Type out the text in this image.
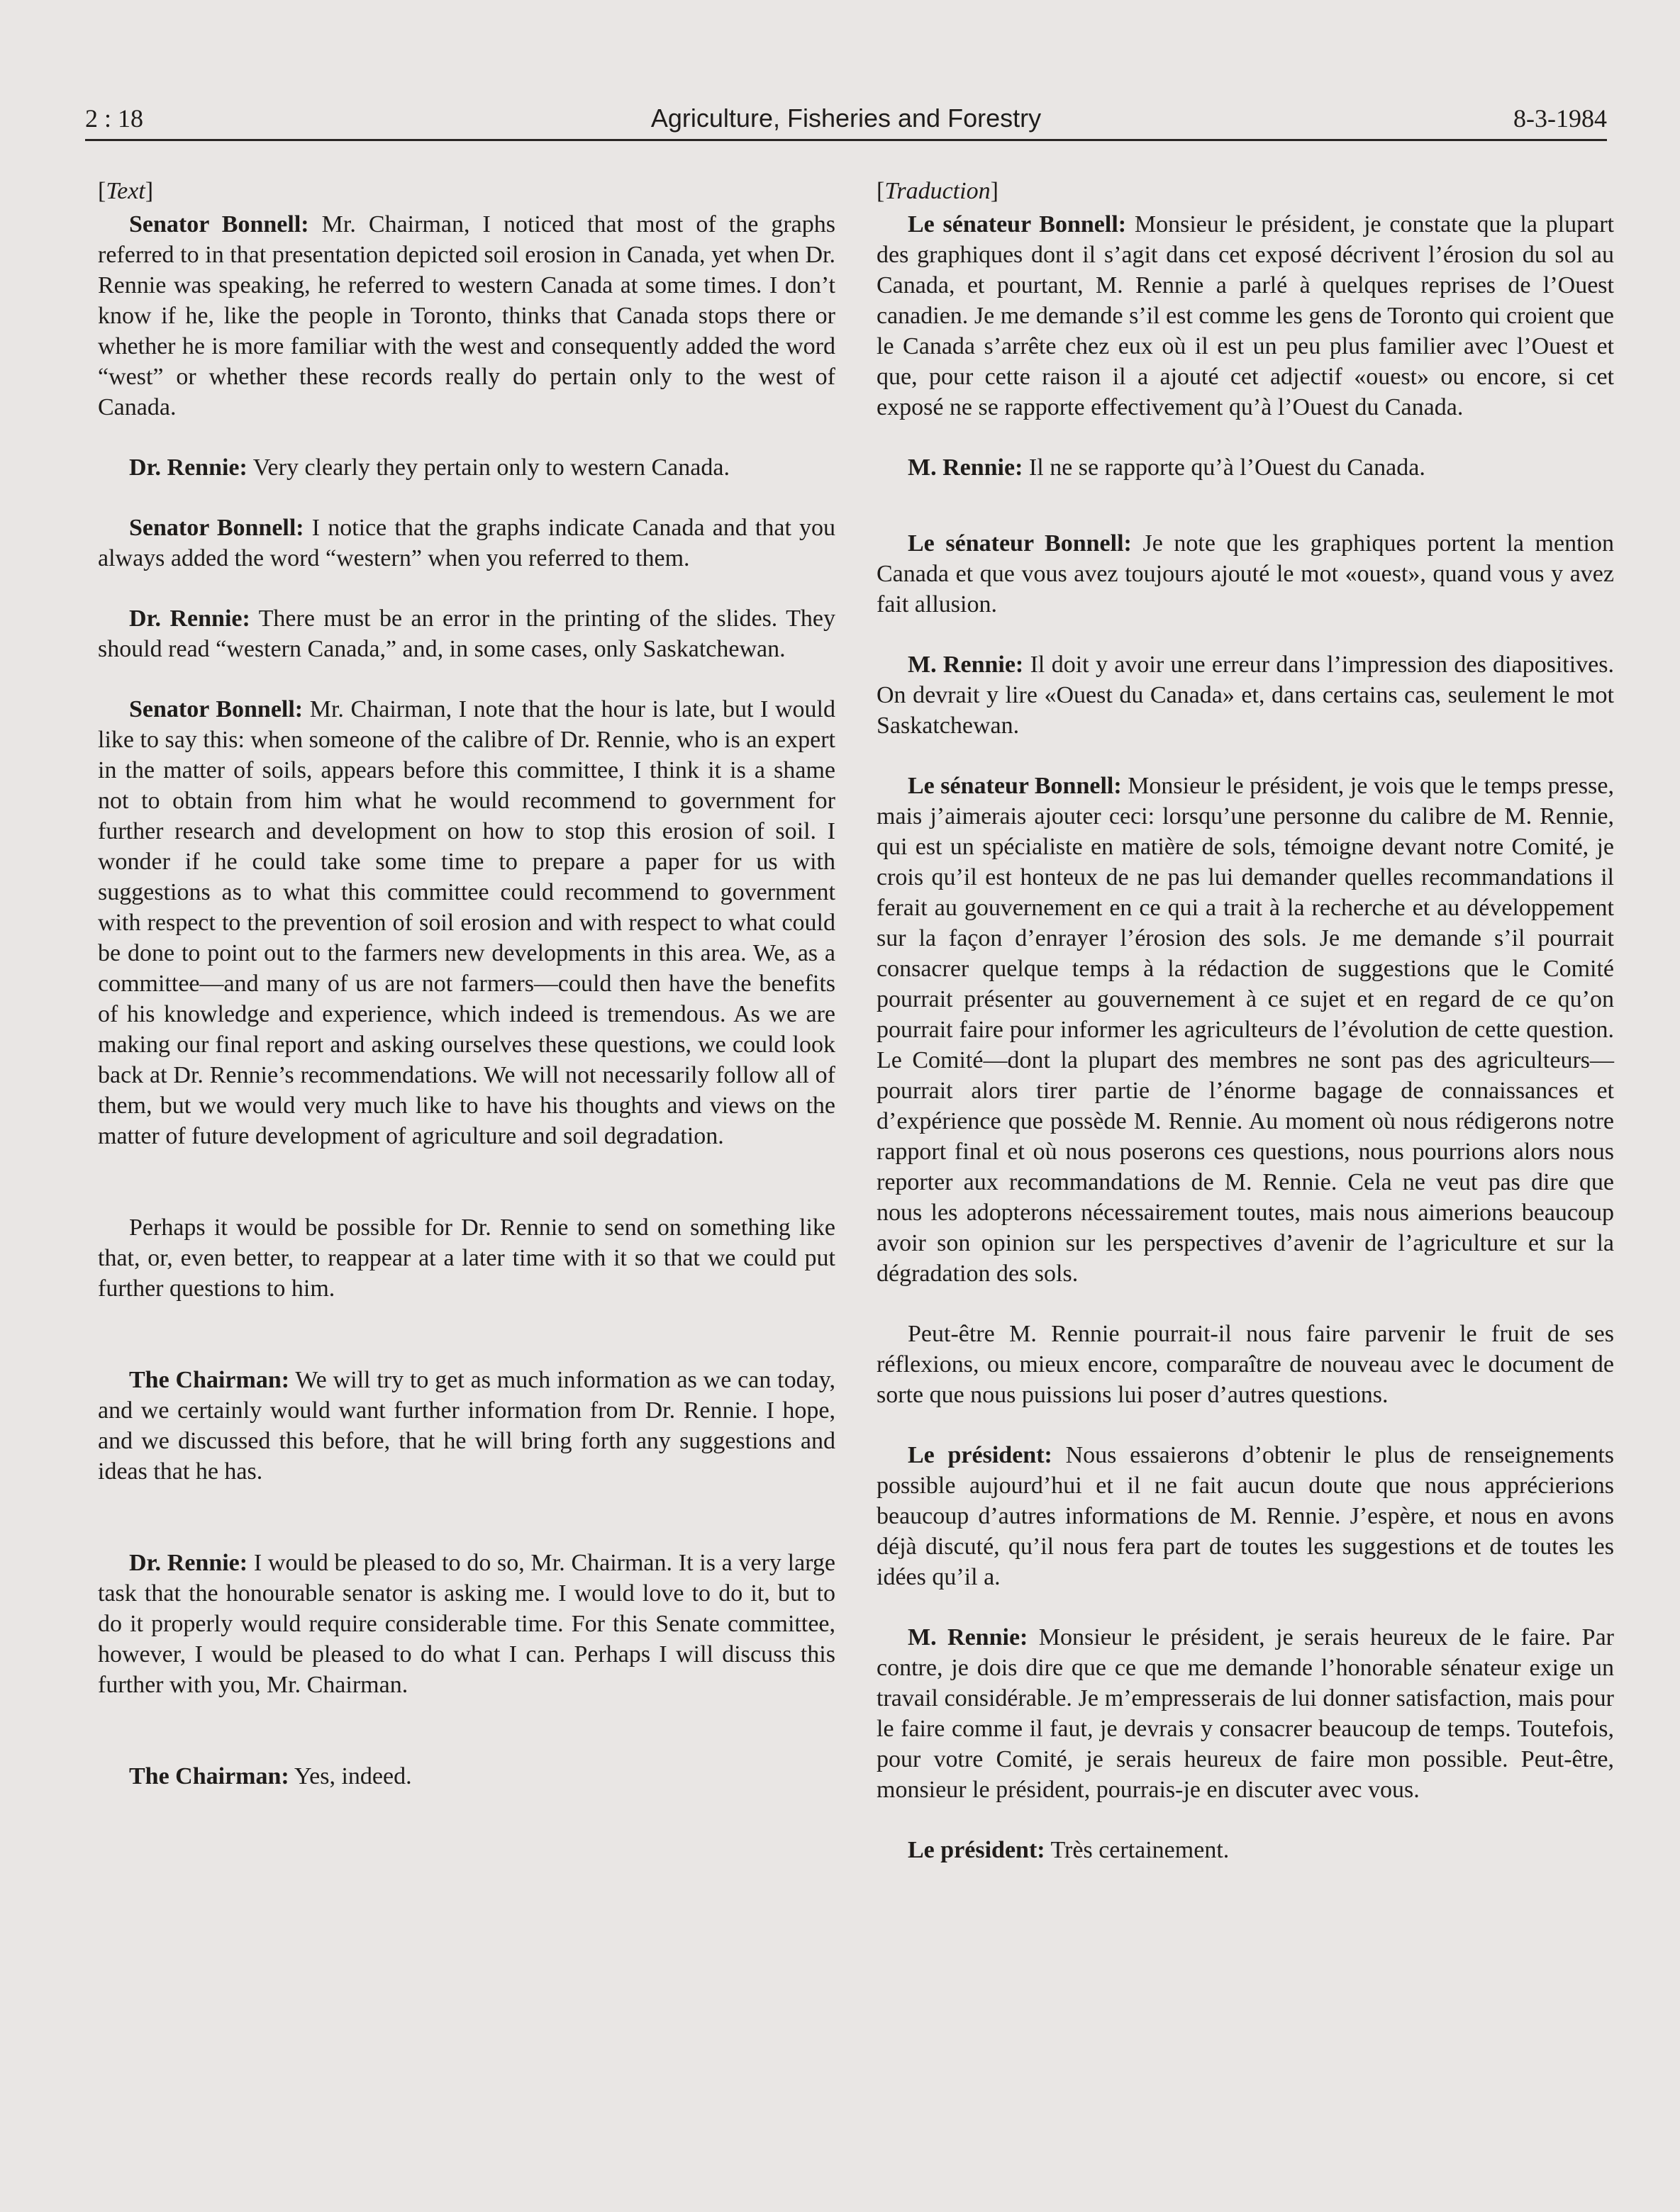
2 : 18	Agriculture, Fisheries and Forestry	8-3-1984
[Text]

Senator Bonnell: Mr. Chairman, I noticed that most of the graphs referred to in that presentation depicted soil erosion in Canada, yet when Dr. Rennie was speaking, he referred to western Canada at some times. I don’t know if he, like the people in Toronto, thinks that Canada stops there or whether he is more familiar with the west and consequently added the word “west” or whether these records really do pertain only to the west of Canada.

Dr. Rennie: Very clearly they pertain only to western Canada.

Senator Bonnell: I notice that the graphs indicate Canada and that you always added the word “western” when you referred to them.

Dr. Rennie: There must be an error in the printing of the slides. They should read “western Canada,” and, in some cases, only Saskatchewan.

Senator Bonnell: Mr. Chairman, I note that the hour is late, but I would like to say this: when someone of the calibre of Dr. Rennie, who is an expert in the matter of soils, appears before this committee, I think it is a shame not to obtain from him what he would recommend to government for further research and development on how to stop this erosion of soil. I wonder if he could take some time to prepare a paper for us with suggestions as to what this committee could recommend to government with respect to the prevention of soil erosion and with respect to what could be done to point out to the farmers new developments in this area. We, as a committee—and many of us are not farmers—could then have the benefits of his knowledge and experience, which indeed is tremendous. As we are making our final report and asking ourselves these questions, we could look back at Dr. Rennie’s recommendations. We will not necessarily follow all of them, but we would very much like to have his thoughts and views on the matter of future development of agriculture and soil degradation.

Perhaps it would be possible for Dr. Rennie to send on something like that, or, even better, to reappear at a later time with it so that we could put further questions to him.

The Chairman: We will try to get as much information as we can today, and we certainly would want further information from Dr. Rennie. I hope, and we discussed this before, that he will bring forth any suggestions and ideas that he has.

Dr. Rennie: I would be pleased to do so, Mr. Chairman. It is a very large task that the honourable senator is asking me. I would love to do it, but to do it properly would require considerable time. For this Senate committee, however, I would be pleased to do what I can. Perhaps I will discuss this further with you, Mr. Chairman.

The Chairman: Yes, indeed.

[Traduction]

Le sénateur Bonnell: Monsieur le président, je constate que la plupart des graphiques dont il s’agit dans cet exposé décrivent l’érosion du sol au Canada, et pourtant, M. Rennie a parlé à quelques reprises de l’Ouest canadien. Je me demande s’il est comme les gens de Toronto qui croient que le Canada s’arrête chez eux où il est un peu plus familier avec l’Ouest et que, pour cette raison il a ajouté cet adjectif «ouest» ou encore, si cet exposé ne se rapporte effectivement qu’à l’Ouest du Canada.

M. Rennie: Il ne se rapporte qu’à l’Ouest du Canada.

Le sénateur Bonnell: Je note que les graphiques portent la mention Canada et que vous avez toujours ajouté le mot «ouest», quand vous y avez fait allusion.

M. Rennie: Il doit y avoir une erreur dans l’impression des diapositives. On devrait y lire «Ouest du Canada» et, dans certains cas, seulement le mot Saskatchewan.

Le sénateur Bonnell: Monsieur le président, je vois que le temps presse, mais j’aimerais ajouter ceci: lorsqu’une personne du calibre de M. Rennie, qui est un spécialiste en matière de sols, témoigne devant notre Comité, je crois qu’il est honteux de ne pas lui demander quelles recommandations il ferait au gouvernement en ce qui a trait à la recherche et au développement sur la façon d’enrayer l’érosion des sols. Je me demande s’il pourrait consacrer quelque temps à la rédaction de suggestions que le Comité pourrait présenter au gouvernement à ce sujet et en regard de ce qu’on pourrait faire pour informer les agriculteurs de l’évolution de cette question. Le Comité—dont la plupart des membres ne sont pas des agriculteurs—pourrait alors tirer partie de l’énorme bagage de connaissances et d’expérience que possède M. Rennie. Au moment où nous rédigerons notre rapport final et où nous poserons ces questions, nous pourrions alors nous reporter aux recommandations de M. Rennie. Cela ne veut pas dire que nous les adopterons nécessairement toutes, mais nous aimerions beaucoup avoir son opinion sur les perspectives d’avenir de l’agriculture et sur la dégradation des sols.

Peut-être M. Rennie pourrait-il nous faire parvenir le fruit de ses réflexions, ou mieux encore, comparaître de nouveau avec le document de sorte que nous puissions lui poser d’autres questions.

Le président: Nous essaierons d’obtenir le plus de renseignements possible aujourd’hui et il ne fait aucun doute que nous apprécierions beaucoup d’autres informations de M. Rennie. J’espère, et nous en avons déjà discuté, qu’il nous fera part de toutes les suggestions et de toutes les idées qu’il a.

M. Rennie: Monsieur le président, je serais heureux de le faire. Par contre, je dois dire que ce que me demande l’honorable sénateur exige un travail considérable. Je m’empresserais de lui donner satisfaction, mais pour le faire comme il faut, je devrais y consacrer beaucoup de temps. Toutefois, pour votre Comité, je serais heureux de faire mon possible. Peut-être, monsieur le président, pourrais-je en discuter avec vous.

Le président: Très certainement.
